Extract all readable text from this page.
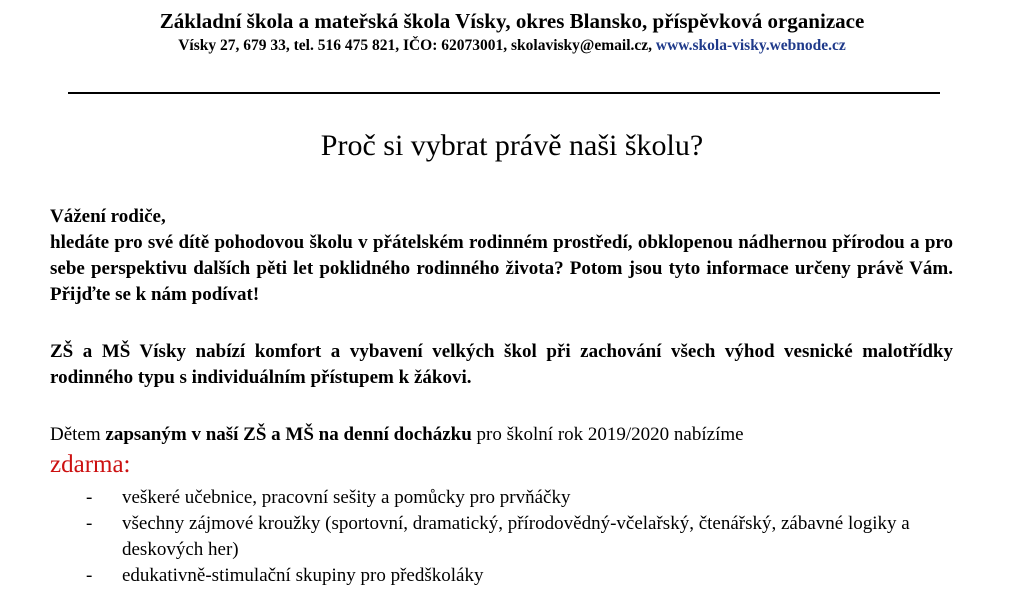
Základní škola a mateřská škola Vísky, okres Blansko, příspěvková organizace
Vísky 27, 679 33, tel. 516 475 821, IČO: 62073001, skolavisky@email.cz, www.skola-visky.webnode.cz
Proč si vybrat právě naši školu?
Vážení rodiče,
hledáte pro své dítě pohodovou školu v přátelském rodinném prostředí, obklopenou nádhernou přírodou a pro sebe perspektivu dalších pěti let poklidného rodinného života? Potom jsou tyto informace určeny právě Vám. Přijďte se k nám podívat!
ZŠ a MŠ Vísky nabízí komfort a vybavení velkých škol při zachování všech výhod vesnické malotřídky rodinného typu s individuálním přístupem k žákovi.
Dětem zapsaným v naší ZŠ a MŠ na denní docházku pro školní rok 2019/2020 nabízíme
zdarma:
- veškeré učebnice, pracovní sešity a pomůcky pro prvňáčky
- všechny zájmové kroužky (sportovní, dramatický, přírodovědný-včelařský, čtenářský, zábavné logiky a deskových her)
- edukativně-stimulační skupiny pro předškoláky
